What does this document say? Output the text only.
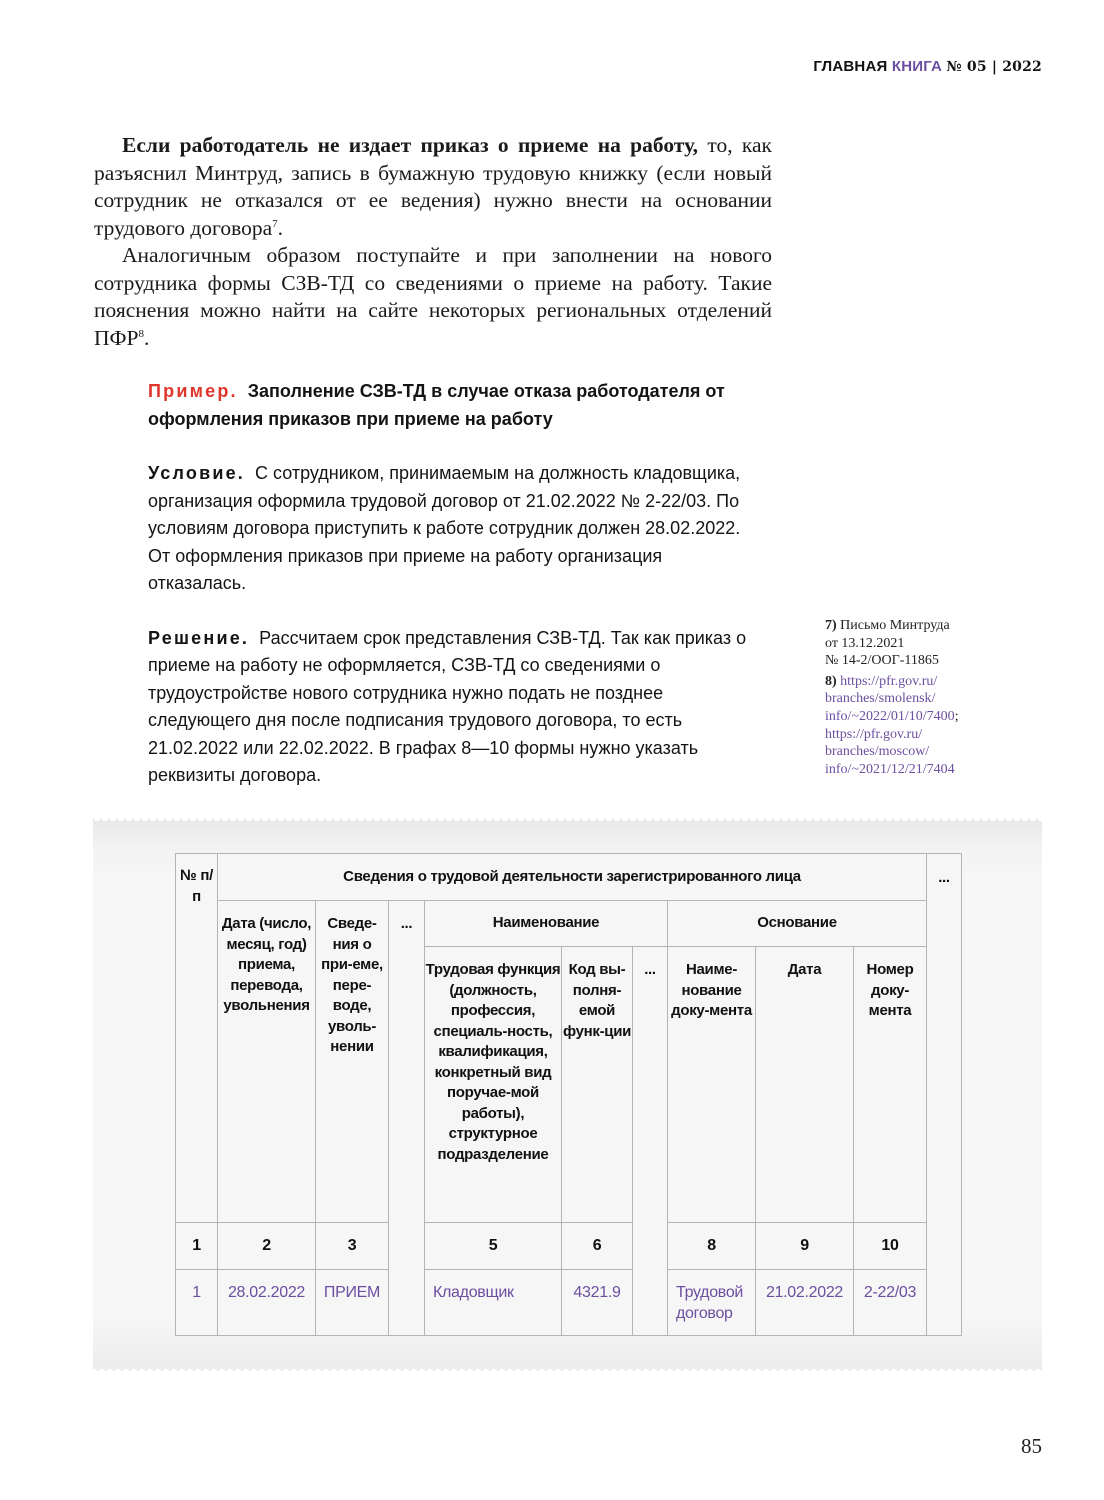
ГЛАВНАЯ КНИГА № 05 | 2022

Если работодатель не издает приказ о приеме на работу, то, как разъяснил Минтруд, запись в бумажную трудовую книжку (если новый сотрудник не отказался от ее ведения) нужно внести на основании трудового договора$^7$.

Аналогичным образом поступайте и при заполнении на нового сотрудника формы СЗВ-ТД со сведениями о приеме на работу. Такие пояснения можно найти на сайте некоторых региональных отделений ПФР$^8$.

Пример. Заполнение СЗВ-ТД в случае отказа работодателя от оформления приказов при приеме на работу
Условие. С сотрудником, принимаемым на должность кладовщика, организация оформила трудовой договор от 21.02.2022 № 2-22/03. По условиям договора приступить к работе сотрудник должен 28.02.2022. От оформления приказов при приеме на работу организация отказалась.
Решение. Рассчитаем срок представления СЗВ-ТД. Так как приказ о приеме на работу не оформляется, СЗВ-ТД со сведениями о трудоустройстве нового сотрудника нужно подать не позднее следующего дня после подписания трудового договора, то есть 21.02.2022 или 22.02.2022. В графах 8—10 формы нужно указать реквизиты договора.
7) Письмо Минтруда
от 13.12.2021
№ 14-2/ООГ-11865
8) https://pfr.gov.ru/
branches/smolensk/
info/~2022/01/10/7400;
https://pfr.gov.ru/
branches/moscow/
info/~2021/12/21/7404
№ п/п	Сведения о трудовой деятельности зарегистрированного лица									...
	Дата (число, месяц, год) приема, перевода, увольнения	Сведе-ния о при-еме, пере-воде, уволь-нении	...	Наименование			Основание			
				Трудовая функция (должность, профессия, специаль-ность, квалификация, конкретный вид поручае-мой работы), структурное подразделение	Код вы-полня-емой функ-ции	...	Наиме-нование доку-мента	Дата	Номер доку-мента	
1	2	3		5	6		8	9	10	
1	28.02.2022	ПРИЕМ		Кладовщик	4321.9		Трудовой договор	21.02.2022	2-22/03	
85
